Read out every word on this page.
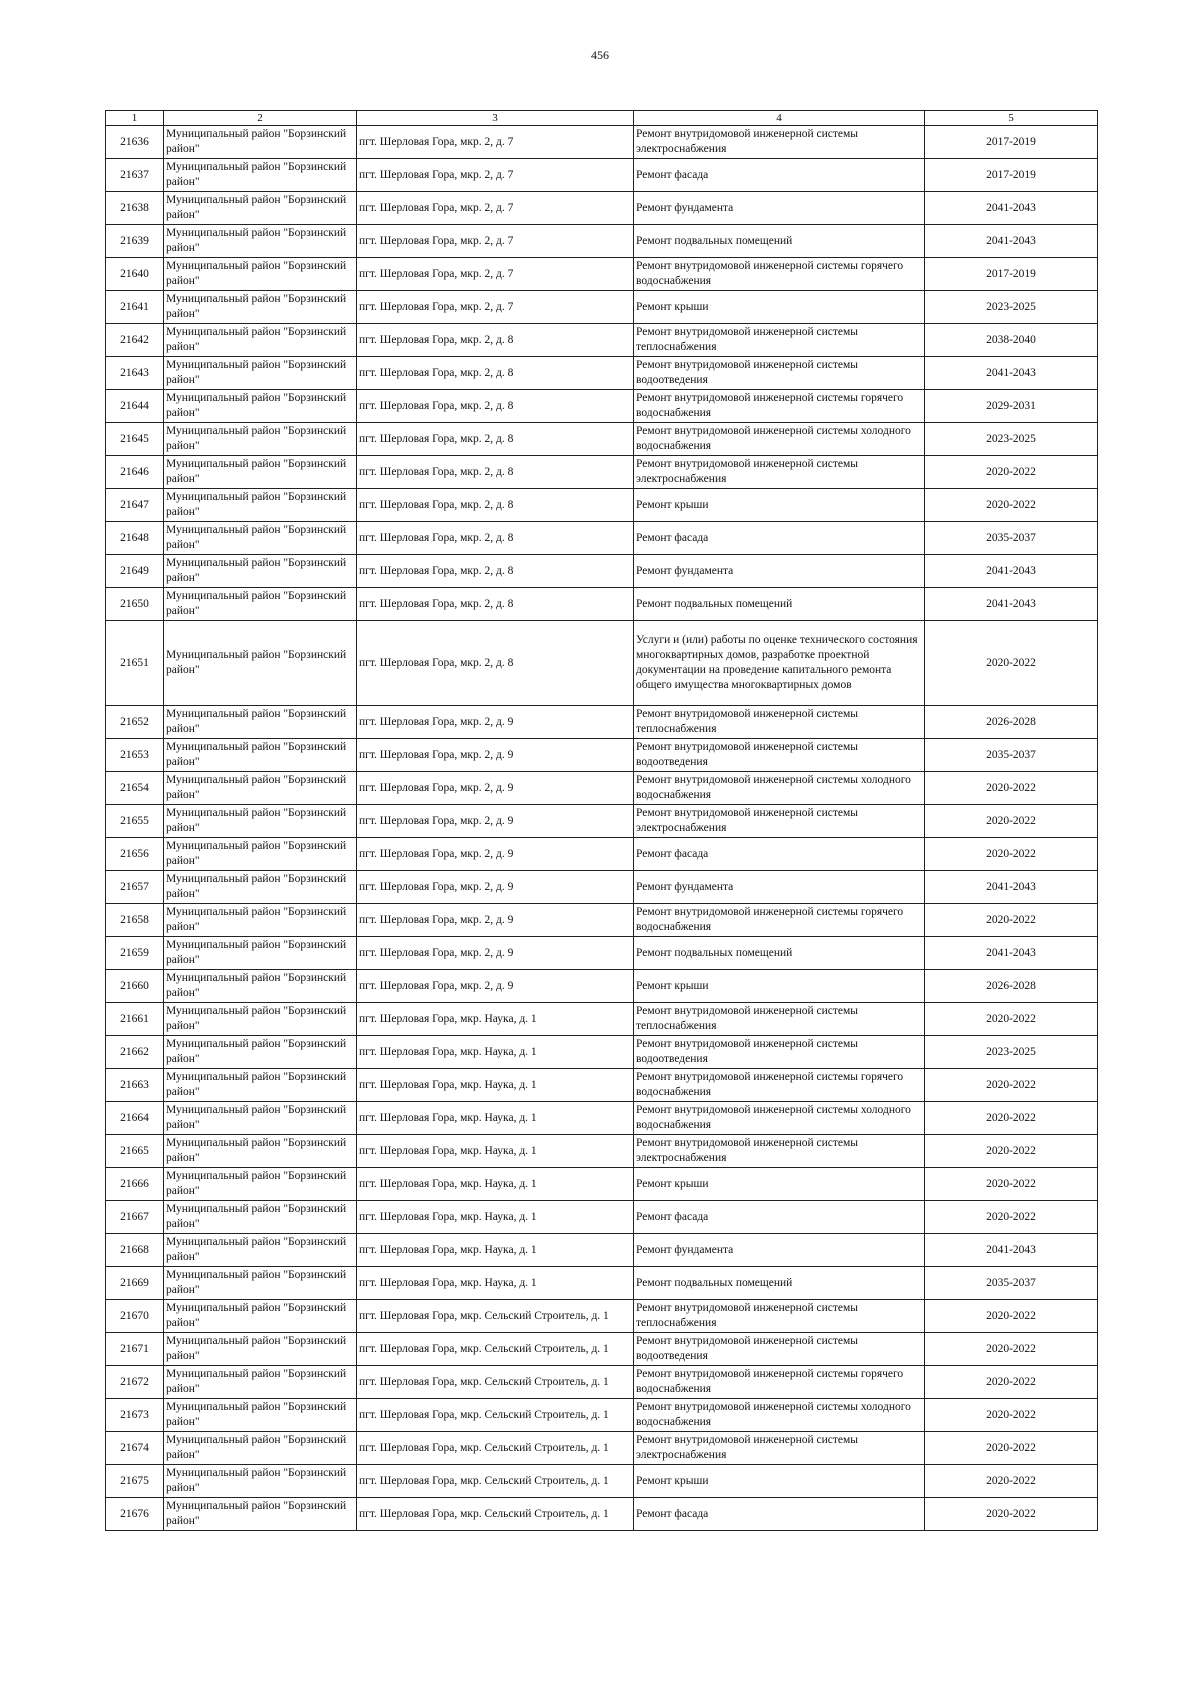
456
1	2	3	4	5
21636	Муниципальный район "Борзинский район"	пгт. Шерловая Гора, мкр. 2, д. 7	Ремонт внутридомовой инженерной системы электроснабжения	2017-2019
21637	Муниципальный район "Борзинский район"	пгт. Шерловая Гора, мкр. 2, д. 7	Ремонт фасада	2017-2019
21638	Муниципальный район "Борзинский район"	пгт. Шерловая Гора, мкр. 2, д. 7	Ремонт фундамента	2041-2043
21639	Муниципальный район "Борзинский район"	пгт. Шерловая Гора, мкр. 2, д. 7	Ремонт подвальных помещений	2041-2043
21640	Муниципальный район "Борзинский район"	пгт. Шерловая Гора, мкр. 2, д. 7	Ремонт внутридомовой инженерной системы горячего водоснабжения	2017-2019
21641	Муниципальный район "Борзинский район"	пгт. Шерловая Гора, мкр. 2, д. 7	Ремонт крыши	2023-2025
21642	Муниципальный район "Борзинский район"	пгт. Шерловая Гора, мкр. 2, д. 8	Ремонт внутридомовой инженерной системы теплоснабжения	2038-2040
21643	Муниципальный район "Борзинский район"	пгт. Шерловая Гора, мкр. 2, д. 8	Ремонт внутридомовой инженерной системы водоотведения	2041-2043
21644	Муниципальный район "Борзинский район"	пгт. Шерловая Гора, мкр. 2, д. 8	Ремонт внутридомовой инженерной системы горячего водоснабжения	2029-2031
21645	Муниципальный район "Борзинский район"	пгт. Шерловая Гора, мкр. 2, д. 8	Ремонт внутридомовой инженерной системы холодного водоснабжения	2023-2025
21646	Муниципальный район "Борзинский район"	пгт. Шерловая Гора, мкр. 2, д. 8	Ремонт внутридомовой инженерной системы электроснабжения	2020-2022
21647	Муниципальный район "Борзинский район"	пгт. Шерловая Гора, мкр. 2, д. 8	Ремонт крыши	2020-2022
21648	Муниципальный район "Борзинский район"	пгт. Шерловая Гора, мкр. 2, д. 8	Ремонт фасада	2035-2037
21649	Муниципальный район "Борзинский район"	пгт. Шерловая Гора, мкр. 2, д. 8	Ремонт фундамента	2041-2043
21650	Муниципальный район "Борзинский район"	пгт. Шерловая Гора, мкр. 2, д. 8	Ремонт подвальных помещений	2041-2043
21651	Муниципальный район "Борзинский район"	пгт. Шерловая Гора, мкр. 2, д. 8	Услуги и (или) работы по оценке технического состояния многоквартирных домов, разработке проектной документации на проведение капитального ремонта общего имущества многоквартирных домов	2020-2022
21652	Муниципальный район "Борзинский район"	пгт. Шерловая Гора, мкр. 2, д. 9	Ремонт внутридомовой инженерной системы теплоснабжения	2026-2028
21653	Муниципальный район "Борзинский район"	пгт. Шерловая Гора, мкр. 2, д. 9	Ремонт внутридомовой инженерной системы водоотведения	2035-2037
21654	Муниципальный район "Борзинский район"	пгт. Шерловая Гора, мкр. 2, д. 9	Ремонт внутридомовой инженерной системы холодного водоснабжения	2020-2022
21655	Муниципальный район "Борзинский район"	пгт. Шерловая Гора, мкр. 2, д. 9	Ремонт внутридомовой инженерной системы электроснабжения	2020-2022
21656	Муниципальный район "Борзинский район"	пгт. Шерловая Гора, мкр. 2, д. 9	Ремонт фасада	2020-2022
21657	Муниципальный район "Борзинский район"	пгт. Шерловая Гора, мкр. 2, д. 9	Ремонт фундамента	2041-2043
21658	Муниципальный район "Борзинский район"	пгт. Шерловая Гора, мкр. 2, д. 9	Ремонт внутридомовой инженерной системы горячего водоснабжения	2020-2022
21659	Муниципальный район "Борзинский район"	пгт. Шерловая Гора, мкр. 2, д. 9	Ремонт подвальных помещений	2041-2043
21660	Муниципальный район "Борзинский район"	пгт. Шерловая Гора, мкр. 2, д. 9	Ремонт крыши	2026-2028
21661	Муниципальный район "Борзинский район"	пгт. Шерловая Гора, мкр. Наука, д. 1	Ремонт внутридомовой инженерной системы теплоснабжения	2020-2022
21662	Муниципальный район "Борзинский район"	пгт. Шерловая Гора, мкр. Наука, д. 1	Ремонт внутридомовой инженерной системы водоотведения	2023-2025
21663	Муниципальный район "Борзинский район"	пгт. Шерловая Гора, мкр. Наука, д. 1	Ремонт внутридомовой инженерной системы горячего водоснабжения	2020-2022
21664	Муниципальный район "Борзинский район"	пгт. Шерловая Гора, мкр. Наука, д. 1	Ремонт внутридомовой инженерной системы холодного водоснабжения	2020-2022
21665	Муниципальный район "Борзинский район"	пгт. Шерловая Гора, мкр. Наука, д. 1	Ремонт внутридомовой инженерной системы электроснабжения	2020-2022
21666	Муниципальный район "Борзинский район"	пгт. Шерловая Гора, мкр. Наука, д. 1	Ремонт крыши	2020-2022
21667	Муниципальный район "Борзинский район"	пгт. Шерловая Гора, мкр. Наука, д. 1	Ремонт фасада	2020-2022
21668	Муниципальный район "Борзинский район"	пгт. Шерловая Гора, мкр. Наука, д. 1	Ремонт фундамента	2041-2043
21669	Муниципальный район "Борзинский район"	пгт. Шерловая Гора, мкр. Наука, д. 1	Ремонт подвальных помещений	2035-2037
21670	Муниципальный район "Борзинский район"	пгт. Шерловая Гора, мкр. Сельский Строитель, д. 1	Ремонт внутридомовой инженерной системы теплоснабжения	2020-2022
21671	Муниципальный район "Борзинский район"	пгт. Шерловая Гора, мкр. Сельский Строитель, д. 1	Ремонт внутридомовой инженерной системы водоотведения	2020-2022
21672	Муниципальный район "Борзинский район"	пгт. Шерловая Гора, мкр. Сельский Строитель, д. 1	Ремонт внутридомовой инженерной системы горячего водоснабжения	2020-2022
21673	Муниципальный район "Борзинский район"	пгт. Шерловая Гора, мкр. Сельский Строитель, д. 1	Ремонт внутридомовой инженерной системы холодного водоснабжения	2020-2022
21674	Муниципальный район "Борзинский район"	пгт. Шерловая Гора, мкр. Сельский Строитель, д. 1	Ремонт внутридомовой инженерной системы электроснабжения	2020-2022
21675	Муниципальный район "Борзинский район"	пгт. Шерловая Гора, мкр. Сельский Строитель, д. 1	Ремонт крыши	2020-2022
21676	Муниципальный район "Борзинский район"	пгт. Шерловая Гора, мкр. Сельский Строитель, д. 1	Ремонт фасада	2020-2022
